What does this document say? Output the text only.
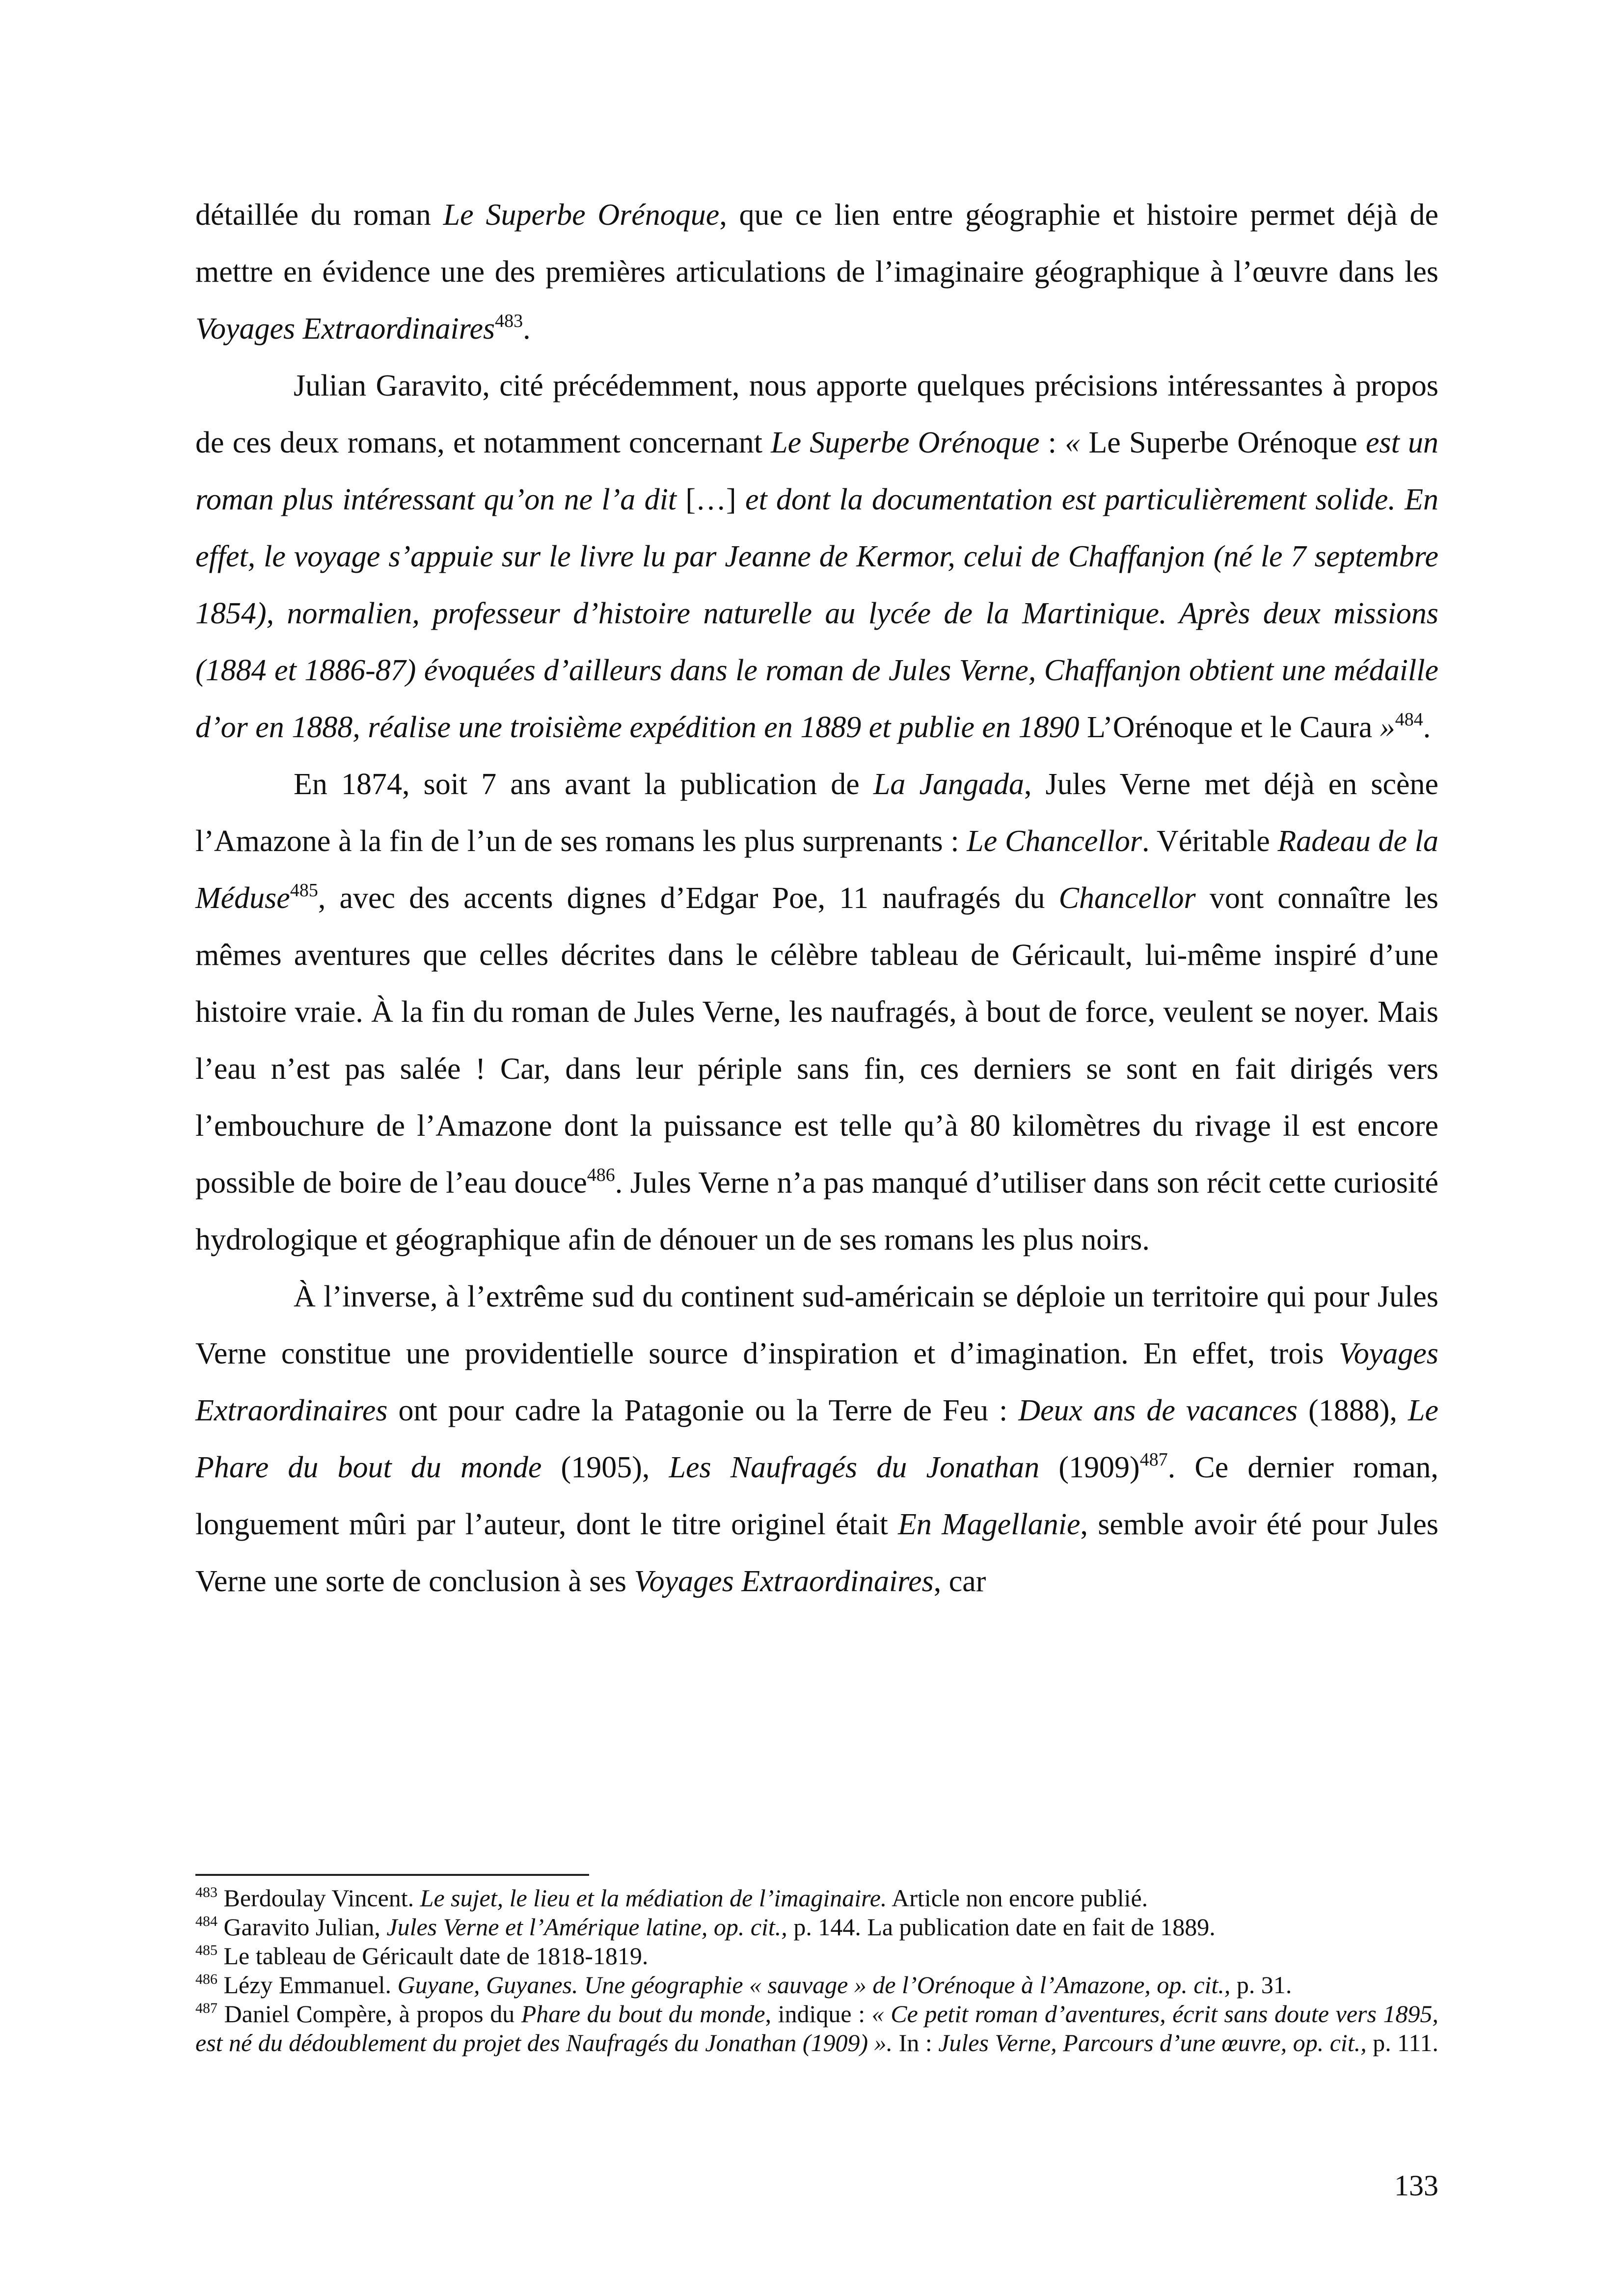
détaillée du roman Le Superbe Orénoque, que ce lien entre géographie et histoire permet déjà de mettre en évidence une des premières articulations de l’imaginaire géographique à l’œuvre dans les Voyages Extraordinaires$^{483}$.

Julian Garavito, cité précédemment, nous apporte quelques précisions intéressantes à propos de ces deux romans, et notamment concernant Le Superbe Orénoque : « Le Superbe Orénoque est un roman plus intéressant qu’on ne l’a dit […] et dont la documentation est particulièrement solide. En effet, le voyage s’appuie sur le livre lu par Jeanne de Kermor, celui de Chaffanjon (né le 7 septembre 1854), normalien, professeur d’histoire naturelle au lycée de la Martinique. Après deux missions (1884 et 1886-87) évoquées d’ailleurs dans le roman de Jules Verne, Chaffanjon obtient une médaille d’or en 1888, réalise une troisième expédition en 1889 et publie en 1890 L’Orénoque et le Caura »$^{484}$.

En 1874, soit 7 ans avant la publication de La Jangada, Jules Verne met déjà en scène l’Amazone à la fin de l’un de ses romans les plus surprenants : Le Chancellor. Véritable Radeau de la Méduse$^{485}$, avec des accents dignes d’Edgar Poe, 11 naufragés du Chancellor vont connaître les mêmes aventures que celles décrites dans le célèbre tableau de Géricault, lui-même inspiré d’une histoire vraie. À la fin du roman de Jules Verne, les naufragés, à bout de force, veulent se noyer. Mais l’eau n’est pas salée ! Car, dans leur périple sans fin, ces derniers se sont en fait dirigés vers l’embouchure de l’Amazone dont la puissance est telle qu’à 80 kilomètres du rivage il est encore possible de boire de l’eau douce$^{486}$. Jules Verne n’a pas manqué d’utiliser dans son récit cette curiosité hydrologique et géographique afin de dénouer un de ses romans les plus noirs.

À l’inverse, à l’extrême sud du continent sud-américain se déploie un territoire qui pour Jules Verne constitue une providentielle source d’inspiration et d’imagination. En effet, trois Voyages Extraordinaires ont pour cadre la Patagonie ou la Terre de Feu : Deux ans de vacances (1888), Le Phare du bout du monde (1905), Les Naufragés du Jonathan $(1909)^{487}$. Ce dernier roman, longuement mûri par l’auteur, dont le titre originel était En Magellanie, semble avoir été pour Jules Verne une sorte de conclusion à ses Voyages Extraordinaires, car

$^{483}$ Berdoulay Vincent. Le sujet, le lieu et la médiation de l’imaginaire. Article non encore publié.

$^{484}$ Garavito Julian, Jules Verne et l’Amérique latine, op. cit., p. 144. La publication date en fait de 1889.

$^{485}$ Le tableau de Géricault date de 1818-1819.

$^{486}$ Lézy Emmanuel. Guyane, Guyanes. Une géographie « sauvage » de l’Orénoque à l’Amazone, op. cit., p. 31.

$^{487}$ Daniel Compère, à propos du Phare du bout du monde, indique : « Ce petit roman d’aventures, écrit sans doute vers 1895, est né du dédoublement du projet des Naufragés du Jonathan (1909) ». In : Jules Verne, Parcours d’une œuvre, op. cit., p. 111.

133
